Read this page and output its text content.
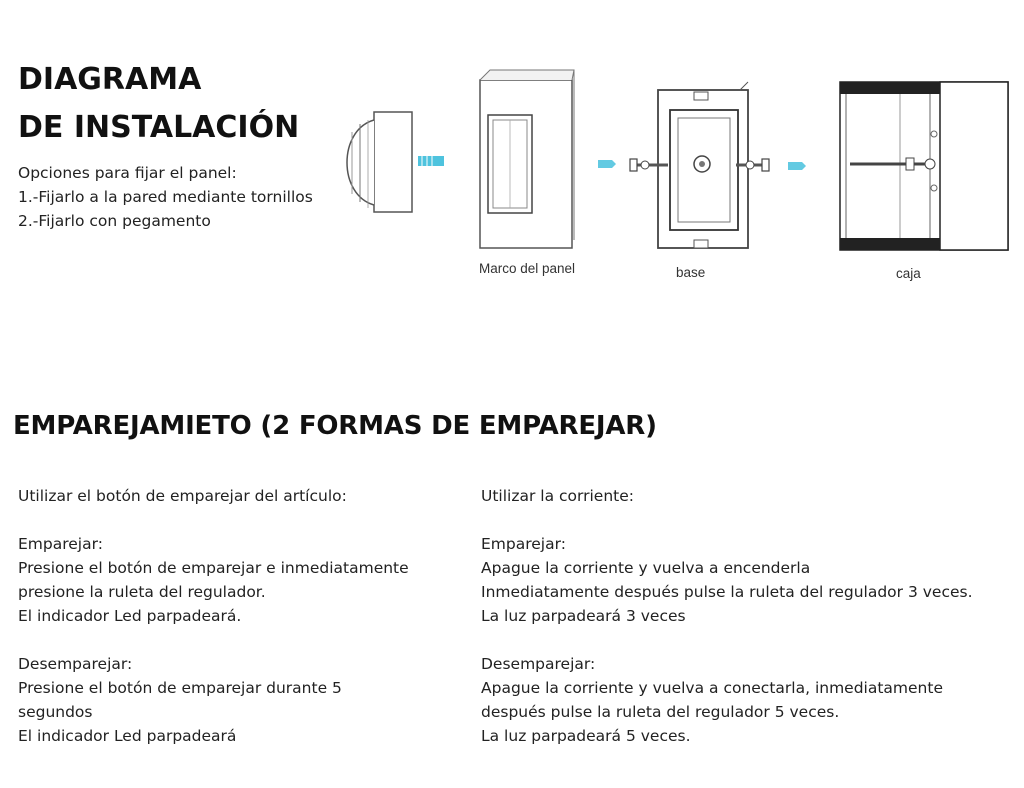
DIAGRAMA
DE INSTALACIÓN
Opciones para fijar el panel:
1.-Fijarlo a la pared mediante tornillos
2.-Fijarlo con pegamento
Marco del panel	base	caja
EMPAREJAMIETO (2 FORMAS DE EMPAREJAR)
Utilizar el botón de emparejar del artículo:
Emparejar:
Presione el botón de emparejar e inmediatamente
presione la ruleta del regulador.
El indicador Led parpadeará.
Desemparejar:
Presione el botón de emparejar durante 5
segundos
El indicador Led parpadeará
Utilizar la corriente:
Emparejar:
Apague la corriente y vuelva a encenderla
Inmediatamente después pulse la ruleta del regulador 3 veces.
La luz parpadeará 3 veces
Desemparejar:
Apague la corriente y vuelva a conectarla, inmediatamente
después pulse la ruleta del regulador 5 veces.
La luz parpadeará 5 veces.
